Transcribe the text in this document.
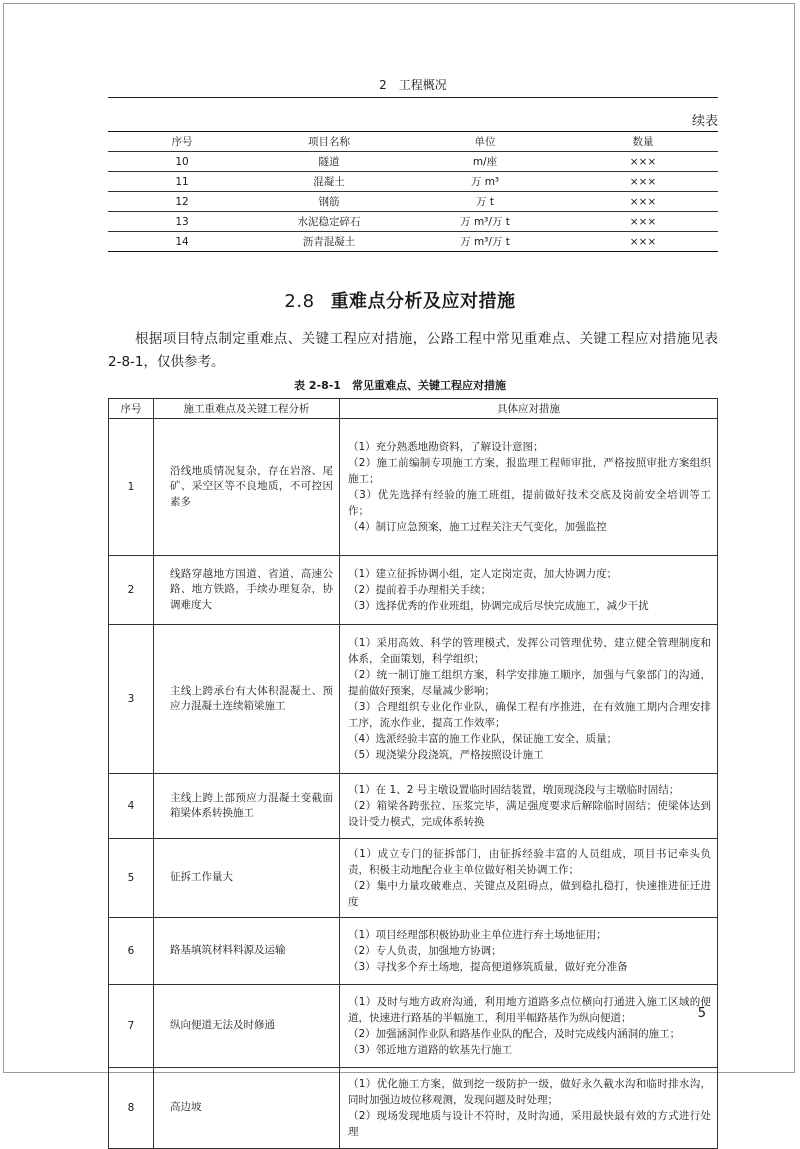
2　工程概况
续表
序号	项目名称	单位	数量
10	隧道	m/座	×××
11	混凝土	万 m³	×××
12	钢筋	万 t	×××
13	水泥稳定碎石	万 m³/万 t	×××
14	沥青混凝土	万 m³/万 t	×××
2.8 重难点分析及应对措施
根据项目特点制定重难点、关键工程应对措施，公路工程中常见重难点、关键工程应对措施见表 2-8-1，仅供参考。
表 2-8-1　常见重难点、关键工程应对措施
序号	施工重难点及关键工程分析	具体应对措施
1	沿线地质情况复杂，存在岩溶、尾矿、采空区等不良地质，不可控因素多	（1）充分熟悉地勘资料，了解设计意图；
（2）施工前编制专项施工方案，报监理工程师审批，严格按照审批方案组织施工；
（3）优先选择有经验的施工班组，提前做好技术交底及岗前安全培训等工作；
（4）制订应急预案，施工过程关注天气变化，加强监控

2	线路穿越地方国道、省道、高速公路、地方铁路，手续办理复杂，协调难度大	（1）建立征拆协调小组，定人定岗定责，加大协调力度；
（2）提前着手办理相关手续；
（3）选择优秀的作业班组，协调完成后尽快完成施工，减少干扰

3	主线上跨承台有大体积混凝土、预应力混凝土连续箱梁施工	（1）采用高效、科学的管理模式，发挥公司管理优势，建立健全管理制度和体系，全面策划，科学组织；
（2）统一制订施工组织方案，科学安排施工顺序，加强与气象部门的沟通，提前做好预案，尽量减少影响；
（3）合理组织专业化作业队，确保工程有序推进，在有效施工期内合理安排工序，流水作业，提高工作效率；
（4）选派经验丰富的施工作业队，保证施工安全、质量；
（5）现浇梁分段浇筑，严格按照设计施工

4	主线上跨上部预应力混凝土变截面箱梁体系转换施工	（1）在 1、2 号主墩设置临时固结装置，墩顶现浇段与主墩临时固结；
（2）箱梁各跨张拉、压浆完毕，满足强度要求后解除临时固结；使梁体达到设计受力模式，完成体系转换

5	征拆工作量大	（1）成立专门的征拆部门，由征拆经验丰富的人员组成，项目书记牵头负责，积极主动地配合业主单位做好相关协调工作；
（2）集中力量攻破难点、关键点及阻碍点，做到稳扎稳打，快速推进征迁进度

6	路基填筑材料料源及运输	（1）项目经理部积极协助业主单位进行弃土场地征用；
（2）专人负责，加强地方协调；
（3）寻找多个弃土场地，提高便道修筑质量，做好充分准备

7	纵向便道无法及时修通	（1）及时与地方政府沟通，利用地方道路多点位横向打通进入施工区域的便道，快速进行路基的半幅施工，利用半幅路基作为纵向便道；
（2）加强涵洞作业队和路基作业队的配合，及时完成线内涵洞的施工；
（3）邻近地方道路的软基先行施工

8	高边坡	（1）优化施工方案，做到挖一级防护一级，做好永久截水沟和临时排水沟，同时加强边坡位移观测，发现问题及时处理；
（2）现场发现地质与设计不符时，及时沟通，采用最快最有效的方式进行处理
5
